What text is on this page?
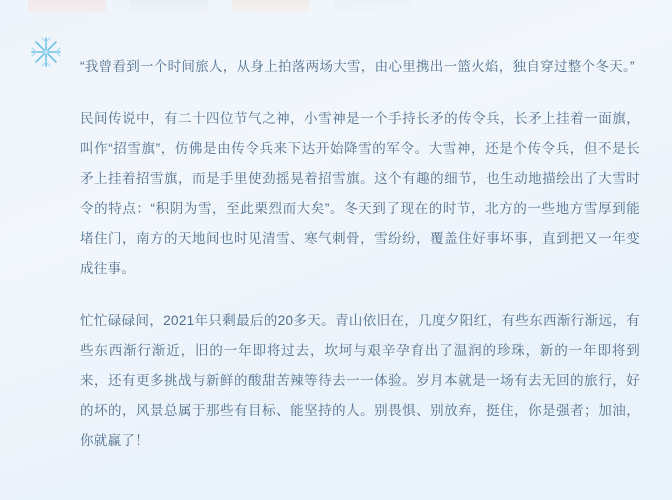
“我曾看到一个时间旅人，从身上拍落两场大雪，由心里携出一篮火焰，独自穿过整个冬天。”

民间传说中，有二十四位节气之神，小雪神是一个手持长矛的传令兵，长矛上挂着一面旗，叫作“招雪旗”，仿佛是由传令兵来下达开始降雪的军令。大雪神，还是个传令兵，但不是长矛上挂着招雪旗，而是手里使劲摇晃着招雪旗。这个有趣的细节，也生动地描绘出了大雪时令的特点：“积阴为雪，至此栗烈而大矣”。冬天到了现在的时节，北方的一些地方雪厚到能堵住门，南方的天地间也时见清雪、寒气刺骨，雪纷纷，覆盖住好事坏事，直到把又一年变成往事。

忙忙碌碌间，2021年只剩最后的20多天。青山依旧在，几度夕阳红，有些东西渐行渐远，有些东西渐行渐近，旧的一年即将过去，坎坷与艰辛孕育出了温润的珍珠，新的一年即将到来，还有更多挑战与新鲜的酸甜苦辣等待去一一体验。岁月本就是一场有去无回的旅行，好的坏的，风景总属于那些有目标、能坚持的人。别畏惧、别放弃，挺住，你是强者；加油，你就赢了！
